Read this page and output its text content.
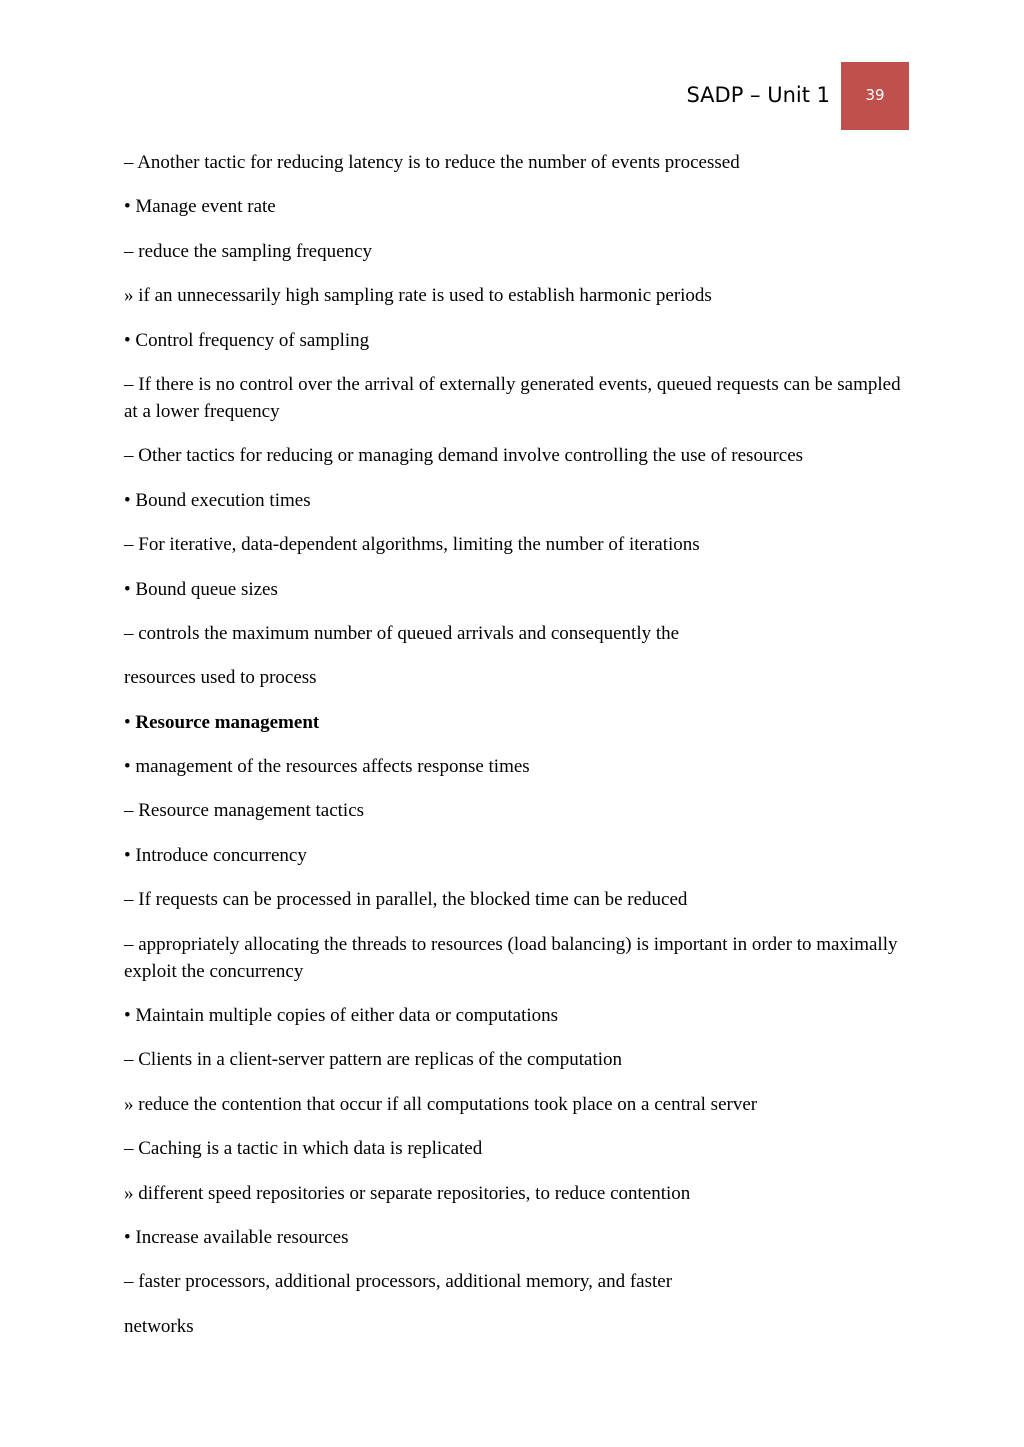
SADP – Unit 1 39

– Another tactic for reducing latency is to reduce the number of events processed

• Manage event rate

– reduce the sampling frequency

» if an unnecessarily high sampling rate is used to establish harmonic periods

• Control frequency of sampling

– If there is no control over the arrival of externally generated events, queued requests can be sampled at a lower frequency

– Other tactics for reducing or managing demand involve controlling the use of resources

• Bound execution times

– For iterative, data-dependent algorithms, limiting the number of iterations

• Bound queue sizes

– controls the maximum number of queued arrivals and consequently the

resources used to process

• Resource management

• management of the resources affects response times

– Resource management tactics

• Introduce concurrency

– If requests can be processed in parallel, the blocked time can be reduced

– appropriately allocating the threads to resources (load balancing) is important in order to maximally exploit the concurrency

• Maintain multiple copies of either data or computations

– Clients in a client-server pattern are replicas of the computation

» reduce the contention that occur if all computations took place on a central server

– Caching is a tactic in which data is replicated

» different speed repositories or separate repositories, to reduce contention

• Increase available resources

– faster processors, additional processors, additional memory, and faster

networks
